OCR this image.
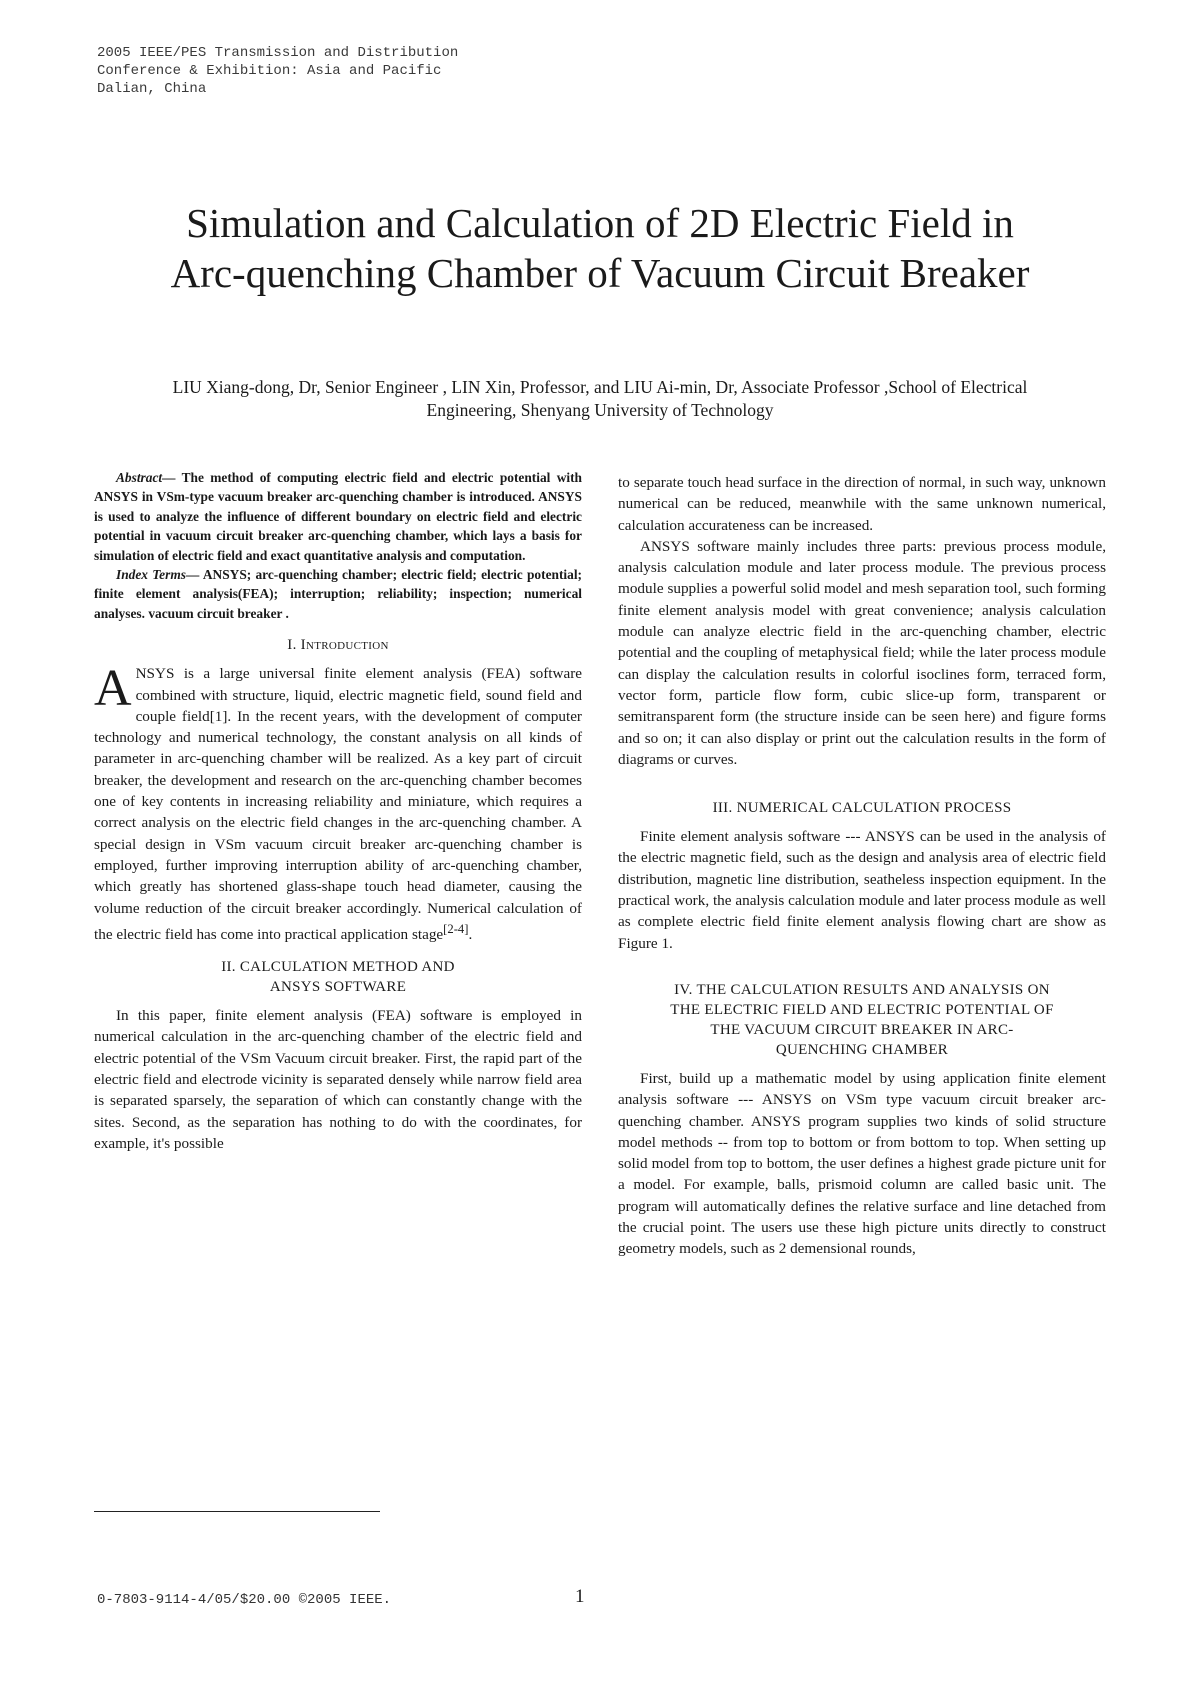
2005 IEEE/PES Transmission and Distribution
Conference & Exhibition: Asia and Pacific
Dalian, China
Simulation and Calculation of 2D Electric Field in Arc-quenching Chamber of Vacuum Circuit Breaker
LIU Xiang-dong, Dr, Senior Engineer , LIN Xin, Professor, and LIU Ai-min, Dr, Associate Professor ,School of Electrical Engineering, Shenyang University of Technology

Abstract— The method of computing electric field and electric potential with ANSYS in VSm-type vacuum breaker arc-quenching chamber is introduced. ANSYS is used to analyze the influence of different boundary on electric field and electric potential in vacuum circuit breaker arc-quenching chamber, which lays a basis for simulation of electric field and exact quantitative analysis and computation.

Index Terms— ANSYS; arc-quenching chamber; electric field; electric potential; finite element analysis(FEA); interruption; reliability; inspection; numerical analyses. vacuum circuit breaker .

I. Introduction

ANSYS is a large universal finite element analysis (FEA) software combined with structure, liquid, electric magnetic field, sound field and couple field[1]. In the recent years, with the development of computer technology and numerical technology, the constant analysis on all kinds of parameter in arc-quenching chamber will be realized. As a key part of circuit breaker, the development and research on the arc-quenching chamber becomes one of key contents in increasing reliability and miniature, which requires a correct analysis on the electric field changes in the arc-quenching chamber. A special design in VSm vacuum circuit breaker arc-quenching chamber is employed, further improving interruption ability of arc-quenching chamber, which greatly has shortened glass-shape touch head diameter, causing the volume reduction of the circuit breaker accordingly. Numerical calculation of the electric field has come into practical application stage[2-4].

II. CALCULATION METHOD AND
ANSYS SOFTWARE

In this paper, finite element analysis (FEA) software is employed in numerical calculation in the arc-quenching chamber of the electric field and electric potential of the VSm Vacuum circuit breaker. First, the rapid part of the electric field and electrode vicinity is separated densely while narrow field area is separated sparsely, the separation of which can constantly change with the sites. Second, as the separation has nothing to do with the coordinates, for example, it's possible

to separate touch head surface in the direction of normal, in such way, unknown numerical can be reduced, meanwhile with the same unknown numerical, calculation accurateness can be increased.

ANSYS software mainly includes three parts: previous process module, analysis calculation module and later process module. The previous process module supplies a powerful solid model and mesh separation tool, such forming finite element analysis model with great convenience; analysis calculation module can analyze electric field in the arc-quenching chamber, electric potential and the coupling of metaphysical field; while the later process module can display the calculation results in colorful isoclines form, terraced form, vector form, particle flow form, cubic slice-up form, transparent or semitransparent form (the structure inside can be seen here) and figure forms and so on; it can also display or print out the calculation results in the form of diagrams or curves.

III. NUMERICAL CALCULATION PROCESS

Finite element analysis software --- ANSYS can be used in the analysis of the electric magnetic field, such as the design and analysis area of electric field distribution, magnetic line distribution, seatheless inspection equipment. In the practical work, the analysis calculation module and later process module as well as complete electric field finite element analysis flowing chart are show as Figure 1.

IV. THE CALCULATION RESULTS AND ANALYSIS ON
THE ELECTRIC FIELD AND ELECTRIC POTENTIAL OF
THE VACUUM CIRCUIT BREAKER IN ARC-
QUENCHING CHAMBER

First, build up a mathematic model by using application finite element analysis software --- ANSYS on VSm type vacuum circuit breaker arc-quenching chamber. ANSYS program supplies two kinds of solid structure model methods -- from top to bottom or from bottom to top. When setting up solid model from top to bottom, the user defines a highest grade picture unit for a model. For example, balls, prismoid column are called basic unit. The program will automatically defines the relative surface and line detached from the crucial point. The users use these high picture units directly to construct geometry models, such as 2 demensional rounds,

0-7803-9114-4/05/$20.00 ©2005 IEEE.	1
